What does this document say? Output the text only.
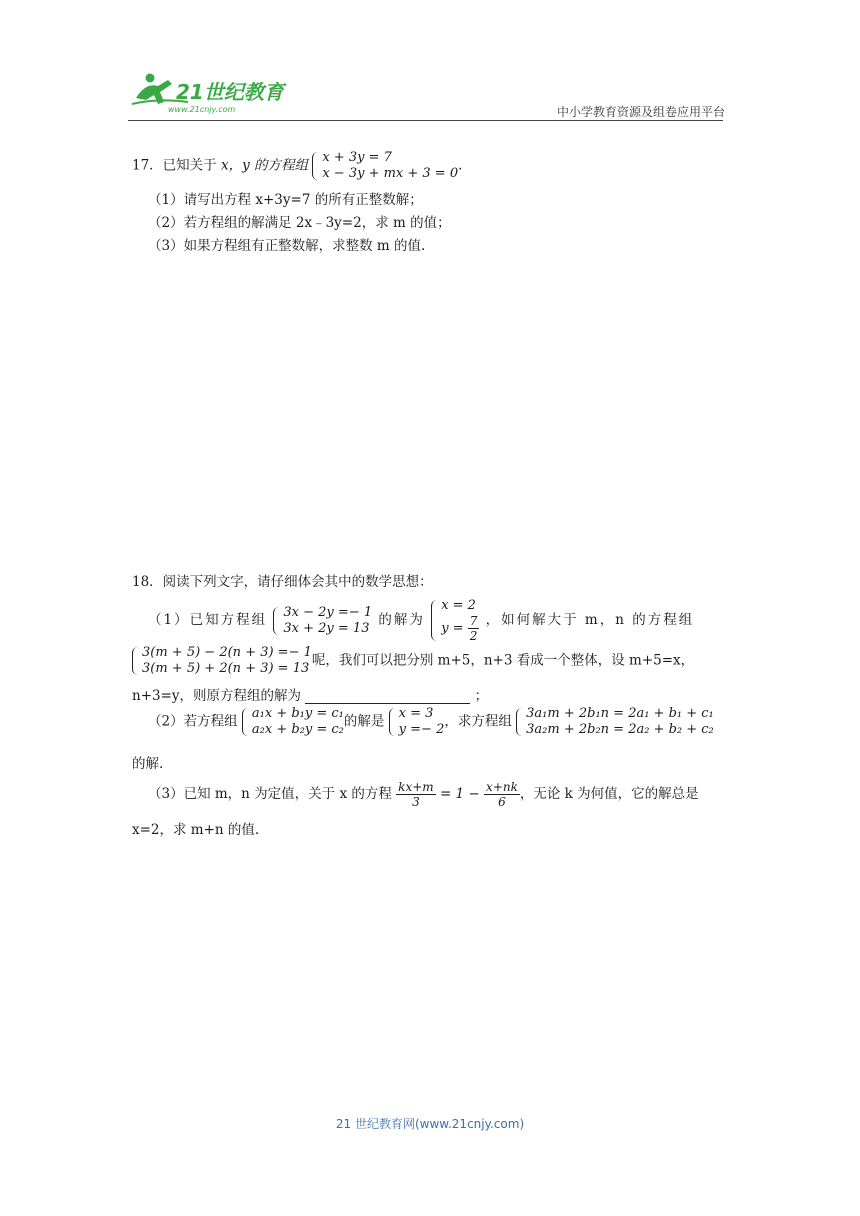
21世纪教育
www.21cnjy.com	中小学教育资源及组卷应用平台
17．已知关于 x，y 的方程组 x + 3y = 7
x − 3y + mx + 3 = 0 .
（1）请写出方程 x+3y=7 的所有正整数解；
（2）若方程组的解满足 2x﹣3y=2，求 m 的值；
（3）如果方程组有正整数解，求整数 m 的值.
18．阅读下列文字，请仔细体会其中的数学思想：
（1）已知方程组 3x − 2y =− 1
3x + 2y = 13 的解为
x = 2
$y = \frac{7}{2}$ ，如何解大于 m，n 的方程组
3(m + 5) − 2(n + 3) =− 1
3(m + 5) + 2(n + 3) = 13 呢，我们可以把分别 m+5，n+3 看成一个整体，设 m+5=x，
n+3=y，则原方程组的解为	；
（2）若方程组 a₁x + b₁y = c₁
a₂x + b₂y = c₂ 的解是 x = 3
y =− 2 ，求方程组 3a₁m + 2b₁n = 2a₁ + b₁ + c₁
3a₂m + 2b₂n = 2a₂ + b₂ + c₂
的解.
（3）已知 m，n 为定值，关于 x 的方程 $\frac{kx+m}{3} = 1 - \frac{x+nk}{6}$ ，无论 k 为何值，它的解总是
x=2，求 m+n 的值.
21 世纪教育网(www.21cnjy.com)
